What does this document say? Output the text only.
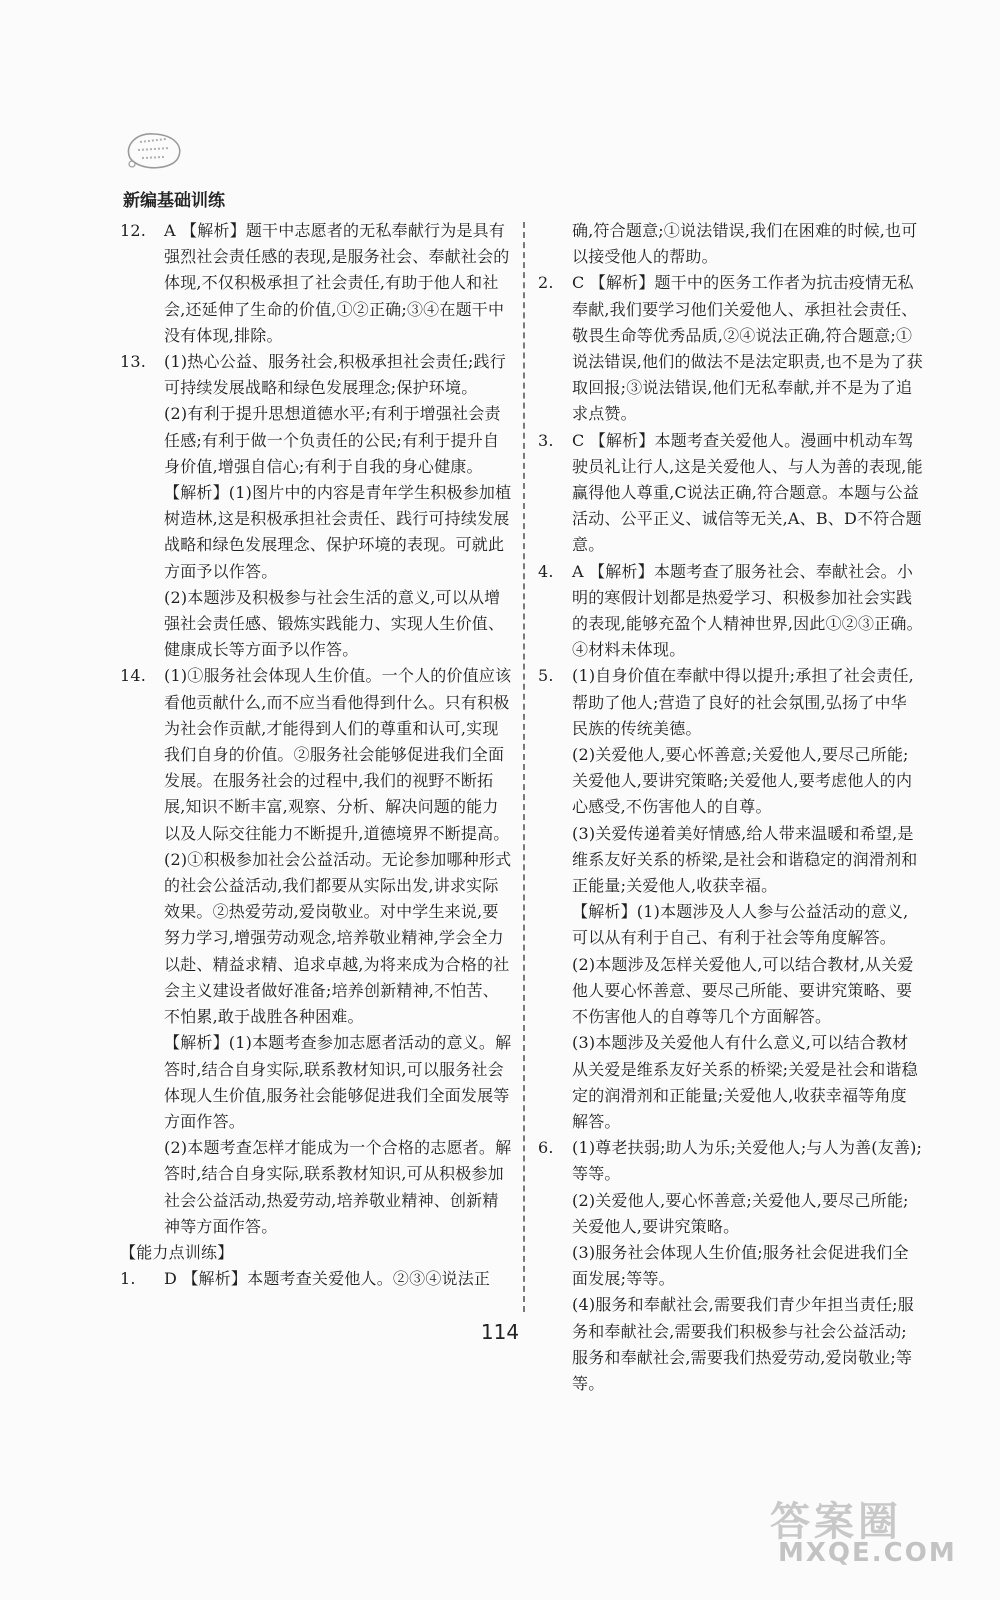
新编基础训练
12. A 【解析】题干中志愿者的无私奉献行为是具有强烈社会责任感的表现,是服务社会、奉献社会的体现,不仅积极承担了社会责任,有助于他人和社会,还延伸了生命的价值,①②正确;③④在题干中没有体现,排除。
13. (1)热心公益、服务社会,积极承担社会责任;践行可持续发展战略和绿色发展理念;保护环境。

(2)有利于提升思想道德水平;有利于增强社会责任感;有利于做一个负责任的公民;有利于提升自身价值,增强自信心;有利于自我的身心健康。

【解析】(1)图片中的内容是青年学生积极参加植树造林,这是积极承担社会责任、践行可持续发展战略和绿色发展理念、保护环境的表现。可就此方面予以作答。

(2)本题涉及积极参与社会生活的意义,可以从增强社会责任感、锻炼实践能力、实现人生价值、健康成长等方面予以作答。

14. (1)①服务社会体现人生价值。一个人的价值应该看他贡献什么,而不应当看他得到什么。只有积极为社会作贡献,才能得到人们的尊重和认可,实现我们自身的价值。②服务社会能够促进我们全面发展。在服务社会的过程中,我们的视野不断拓展,知识不断丰富,观察、分析、解决问题的能力以及人际交往能力不断提升,道德境界不断提高。

(2)①积极参加社会公益活动。无论参加哪种形式的社会公益活动,我们都要从实际出发,讲求实际效果。②热爱劳动,爱岗敬业。对中学生来说,要努力学习,增强劳动观念,培养敬业精神,学会全力以赴、精益求精、追求卓越,为将来成为合格的社会主义建设者做好准备;培养创新精神,不怕苦、不怕累,敢于战胜各种困难。

【解析】(1)本题考查参加志愿者活动的意义。解答时,结合自身实际,联系教材知识,可以服务社会体现人生价值,服务社会能够促进我们全面发展等方面作答。

(2)本题考查怎样才能成为一个合格的志愿者。解答时,结合自身实际,联系教材知识,可从积极参加社会公益活动,热爱劳动,培养敬业精神、创新精神等方面作答。

【能力点训练】

1. D 【解析】本题考查关爱他人。②③④说法正

确,符合题意;①说法错误,我们在困难的时候,也可以接受他人的帮助。

2. C 【解析】题干中的医务工作者为抗击疫情无私奉献,我们要学习他们关爱他人、承担社会责任、敬畏生命等优秀品质,②④说法正确,符合题意;①说法错误,他们的做法不是法定职责,也不是为了获取回报;③说法错误,他们无私奉献,并不是为了追求点赞。
3. C 【解析】本题考查关爱他人。漫画中机动车驾驶员礼让行人,这是关爱他人、与人为善的表现,能赢得他人尊重,C说法正确,符合题意。本题与公益活动、公平正义、诚信等无关,A、B、D不符合题意。
4. A 【解析】本题考查了服务社会、奉献社会。小明的寒假计划都是热爱学习、积极参加社会实践的表现,能够充盈个人精神世界,因此①②③正确。④材料未体现。
5. (1)自身价值在奉献中得以提升;承担了社会责任,帮助了他人;营造了良好的社会氛围,弘扬了中华民族的传统美德。

(2)关爱他人,要心怀善意;关爱他人,要尽己所能;关爱他人,要讲究策略;关爱他人,要考虑他人的内心感受,不伤害他人的自尊。

(3)关爱传递着美好情感,给人带来温暖和希望,是维系友好关系的桥梁,是社会和谐稳定的润滑剂和正能量;关爱他人,收获幸福。

【解析】(1)本题涉及人人参与公益活动的意义,可以从有利于自己、有利于社会等角度解答。

(2)本题涉及怎样关爱他人,可以结合教材,从关爱他人要心怀善意、要尽己所能、要讲究策略、要不伤害他人的自尊等几个方面解答。

(3)本题涉及关爱他人有什么意义,可以结合教材从关爱是维系友好关系的桥梁;关爱是社会和谐稳定的润滑剂和正能量;关爱他人,收获幸福等角度解答。

6. (1)尊老扶弱;助人为乐;关爱他人;与人为善(友善);等等。

(2)关爱他人,要心怀善意;关爱他人,要尽己所能;关爱他人,要讲究策略。

(3)服务社会体现人生价值;服务社会促进我们全面发展;等等。

(4)服务和奉献社会,需要我们青少年担当责任;服务和奉献社会,需要我们积极参与社会公益活动;服务和奉献社会,需要我们热爱劳动,爱岗敬业;等等。

114
答案圈
MXQE.COM
